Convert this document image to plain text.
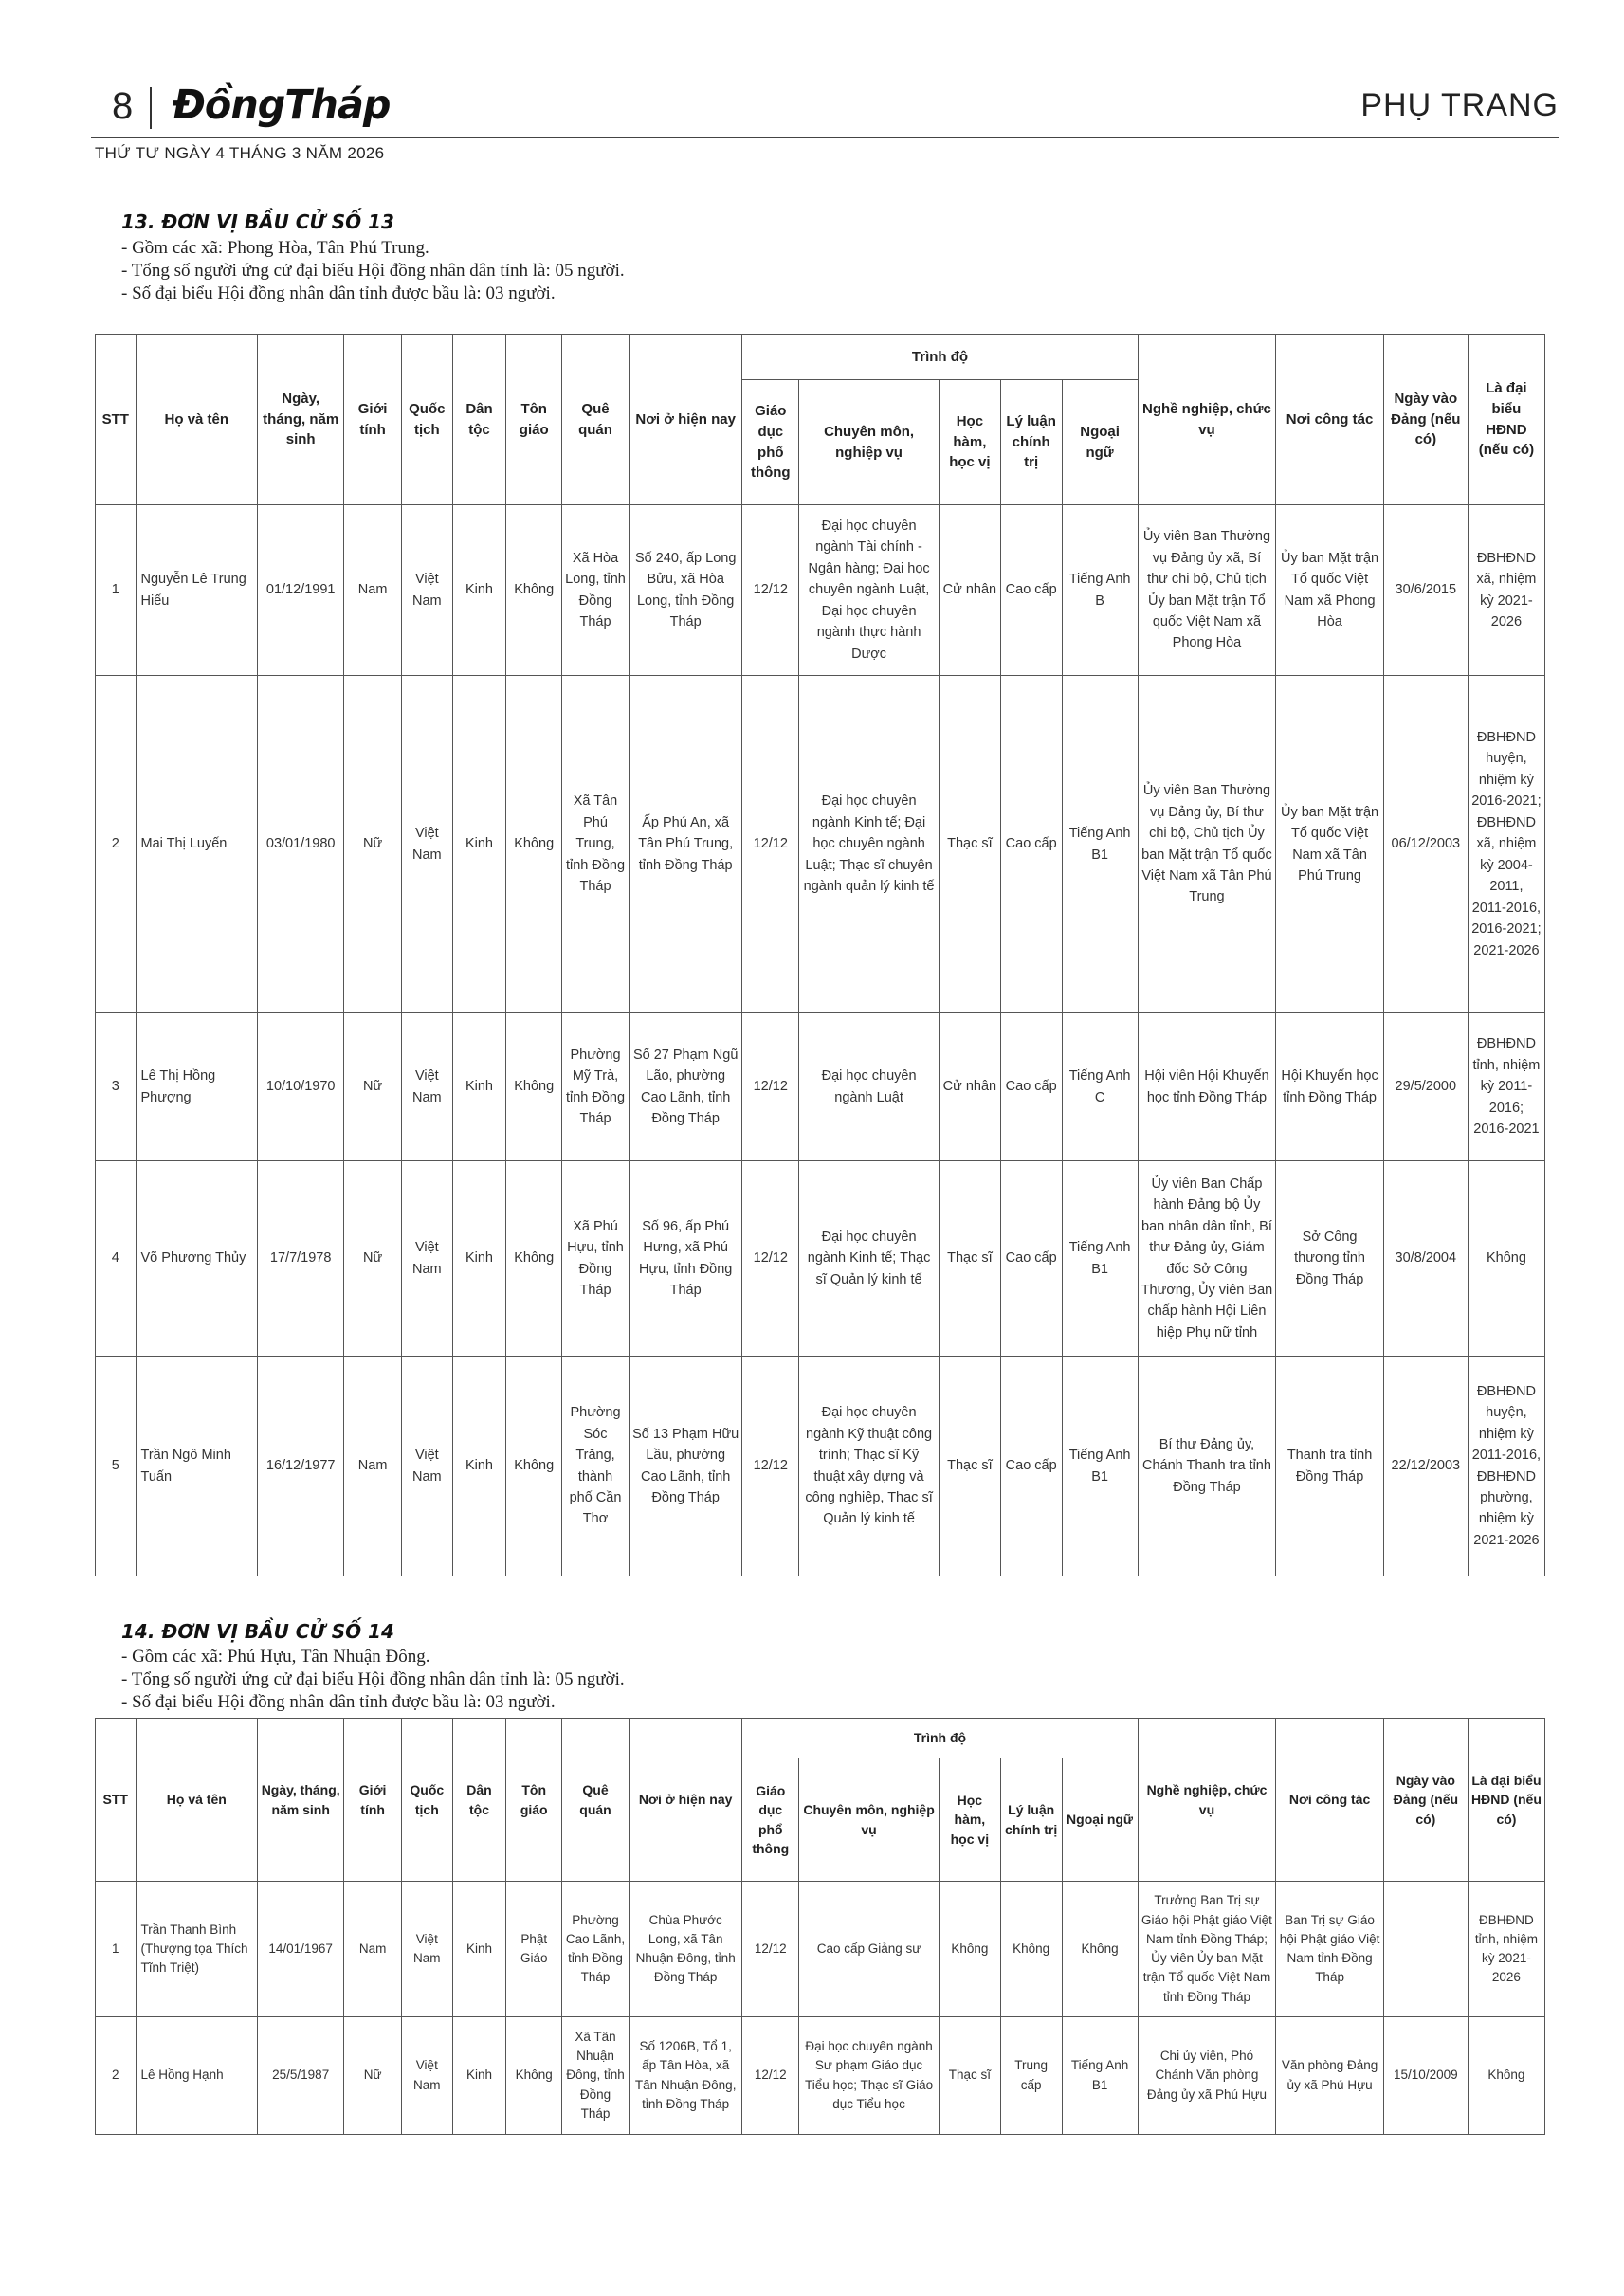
8 ĐồngTháp	PHỤ TRANG
THỨ TƯ NGÀY 4 THÁNG 3 NĂM 2026
13. ĐƠN VỊ BẦU CỬ SỐ 13
- Gồm các xã: Phong Hòa, Tân Phú Trung.
- Tổng số người ứng cử đại biểu Hội đồng nhân dân tỉnh là: 05 người.
- Số đại biểu Hội đồng nhân dân tỉnh được bầu là: 03 người.
STT	Họ và tên	Ngày, tháng, năm sinh	Giới tính	Quốc tịch	Dân tộc	Tôn giáo	Quê quán	Nơi ở hiện nay	Trình độ					Nghề nghiệp, chức vụ	Nơi công tác	Ngày vào Đảng (nếu có)	Là đại biểu HĐND (nếu có)
									Giáo dục phổ thông	Chuyên môn, nghiệp vụ	Học hàm, học vị	Lý luận chính trị	Ngoại ngữ				
1	Nguyễn Lê Trung Hiếu	01/12/1991	Nam	Việt Nam	Kinh	Không	Xã Hòa Long, tỉnh Đồng Tháp	Số 240, ấp Long Bửu, xã Hòa Long, tỉnh Đồng Tháp	12/12	Đại học chuyên ngành Tài chính - Ngân hàng; Đại học chuyên ngành Luật, Đại học chuyên ngành thực hành Dược	Cử nhân	Cao cấp	Tiếng Anh B	Ủy viên Ban Thường vụ Đảng ủy xã, Bí thư chi bộ, Chủ tịch Ủy ban Mặt trận Tổ quốc Việt Nam xã Phong Hòa	Ủy ban Mặt trận Tổ quốc Việt Nam xã Phong Hòa	30/6/2015	ĐBHĐND xã, nhiệm kỳ 2021-2026
2	Mai Thị Luyến	03/01/1980	Nữ	Việt Nam	Kinh	Không	Xã Tân Phú Trung, tỉnh Đồng Tháp	Ấp Phú An, xã Tân Phú Trung, tỉnh Đồng Tháp	12/12	Đại học chuyên ngành Kinh tế; Đại học chuyên ngành Luật; Thạc sĩ chuyên ngành quản lý kinh tế	Thạc sĩ	Cao cấp	Tiếng Anh B1	Ủy viên Ban Thường vụ Đảng ủy, Bí thư chi bộ, Chủ tịch Ủy ban Mặt trận Tổ quốc Việt Nam xã Tân Phú Trung	Ủy ban Mặt trận Tổ quốc Việt Nam xã Tân Phú Trung	06/12/2003	ĐBHĐND huyện, nhiệm kỳ 2016-2021; ĐBHĐND xã, nhiệm kỳ 2004-2011, 2011-2016, 2016-2021; 2021-2026
3	Lê Thị Hồng Phượng	10/10/1970	Nữ	Việt Nam	Kinh	Không	Phường Mỹ Trà, tỉnh Đồng Tháp	Số 27 Phạm Ngũ Lão, phường Cao Lãnh, tỉnh Đồng Tháp	12/12	Đại học chuyên ngành Luật	Cử nhân	Cao cấp	Tiếng Anh C	Hội viên Hội Khuyến học tỉnh Đồng Tháp	Hội Khuyến học tỉnh Đồng Tháp	29/5/2000	ĐBHĐND tỉnh, nhiệm kỳ 2011-2016; 2016-2021
4	Võ Phương Thủy	17/7/1978	Nữ	Việt Nam	Kinh	Không	Xã Phú Hựu, tỉnh Đồng Tháp	Số 96, ấp Phú Hưng, xã Phú Hựu, tỉnh Đồng Tháp	12/12	Đại học chuyên ngành Kinh tế; Thạc sĩ Quản lý kinh tế	Thạc sĩ	Cao cấp	Tiếng Anh B1	Ủy viên Ban Chấp hành Đảng bộ Ủy ban nhân dân tỉnh, Bí thư Đảng ủy, Giám đốc Sở Công Thương, Ủy viên Ban chấp hành Hội Liên hiệp Phụ nữ tỉnh	Sở Công thương tỉnh Đồng Tháp	30/8/2004	Không
5	Trần Ngô Minh Tuấn	16/12/1977	Nam	Việt Nam	Kinh	Không	Phường Sóc Trăng, thành phố Cần Thơ	Số 13 Phạm Hữu Lầu, phường Cao Lãnh, tỉnh Đồng Tháp	12/12	Đại học chuyên ngành Kỹ thuật công trình; Thạc sĩ Kỹ thuật xây dựng và công nghiệp, Thạc sĩ Quản lý kinh tế	Thạc sĩ	Cao cấp	Tiếng Anh B1	Bí thư Đảng ủy, Chánh Thanh tra tỉnh Đồng Tháp	Thanh tra tỉnh Đồng Tháp	22/12/2003	ĐBHĐND huyện, nhiệm kỳ 2011-2016, ĐBHĐND phường, nhiệm kỳ 2021-2026
14. ĐƠN VỊ BẦU CỬ SỐ 14
- Gồm các xã: Phú Hựu, Tân Nhuận Đông.
- Tổng số người ứng cử đại biểu Hội đồng nhân dân tỉnh là: 05 người.
- Số đại biểu Hội đồng nhân dân tỉnh được bầu là: 03 người.
STT	Họ và tên	Ngày, tháng, năm sinh	Giới tính	Quốc tịch	Dân tộc	Tôn giáo	Quê quán	Nơi ở hiện nay	Trình độ					Nghề nghiệp, chức vụ	Nơi công tác	Ngày vào Đảng (nếu có)	Là đại biểu HĐND (nếu có)
									Giáo dục phổ thông	Chuyên môn, nghiệp vụ	Học hàm, học vị	Lý luận chính trị	Ngoại ngữ				
1	Trần Thanh Bình (Thượng tọa Thích Tĩnh Triệt)	14/01/1967	Nam	Việt Nam	Kinh	Phật Giáo	Phường Cao Lãnh, tỉnh Đồng Tháp	Chùa Phước Long, xã Tân Nhuận Đông, tỉnh Đồng Tháp	12/12	Cao cấp Giảng sư	Không	Không	Không	Trưởng Ban Trị sự Giáo hội Phật giáo Việt Nam tỉnh Đồng Tháp; Ủy viên Ủy ban Mặt trận Tổ quốc Việt Nam tỉnh Đồng Tháp	Ban Trị sự Giáo hội Phật giáo Việt Nam tỉnh Đồng Tháp		ĐBHĐND tỉnh, nhiệm kỳ 2021-2026
2	Lê Hồng Hạnh	25/5/1987	Nữ	Việt Nam	Kinh	Không	Xã Tân Nhuận Đông, tỉnh Đồng Tháp	Số 1206B, Tổ 1, ấp Tân Hòa, xã Tân Nhuận Đông, tỉnh Đồng Tháp	12/12	Đại học chuyên ngành Sư phạm Giáo dục Tiểu học; Thạc sĩ Giáo dục Tiểu học	Thạc sĩ	Trung cấp	Tiếng Anh B1	Chi ủy viên, Phó Chánh Văn phòng Đảng ủy xã Phú Hựu	Văn phòng Đảng ủy xã Phú Hựu	15/10/2009	Không
